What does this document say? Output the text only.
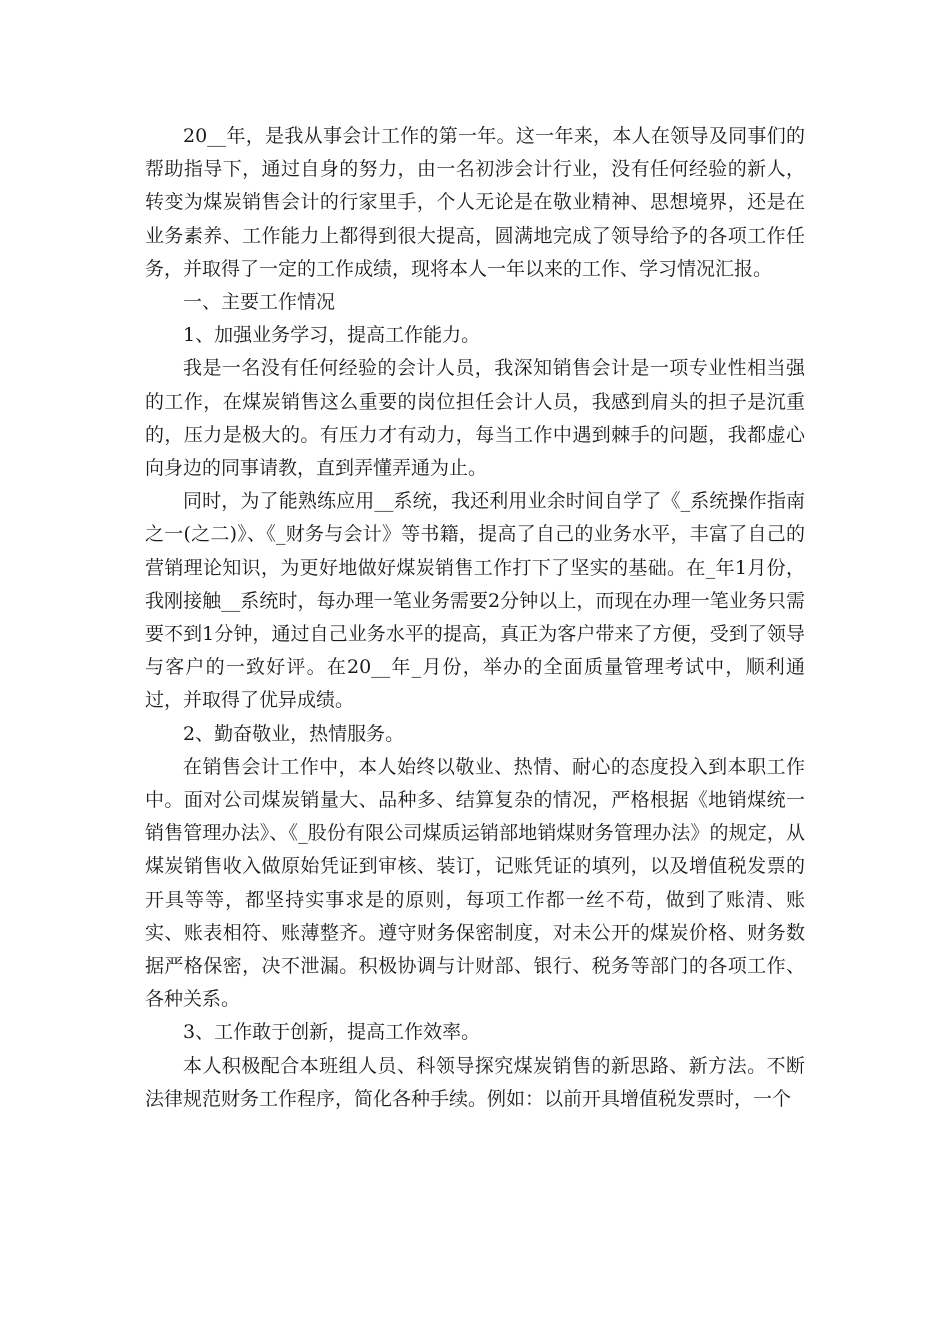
20__年，是我从事会计工作的第一年。这一年来，本人在领导及同事们的帮助指导下，通过自身的努力，由一名初涉会计行业，没有任何经验的新人，转变为煤炭销售会计的行家里手，个人无论是在敬业精神、思想境界，还是在业务素养、工作能力上都得到很大提高，圆满地完成了领导给予的各项工作任务，并取得了一定的工作成绩，现将本人一年以来的工作、学习情况汇报。

一、主要工作情况

1、加强业务学习，提高工作能力。

我是一名没有任何经验的会计人员，我深知销售会计是一项专业性相当强的工作，在煤炭销售这么重要的岗位担任会计人员，我感到肩头的担子是沉重的，压力是极大的。有压力才有动力，每当工作中遇到棘手的问题，我都虚心向身边的同事请教，直到弄懂弄通为止。

同时，为了能熟练应用__系统，我还利用业余时间自学了《_系统操作指南之一(之二)》、《_财务与会计》等书籍，提高了自己的业务水平，丰富了自己的营销理论知识，为更好地做好煤炭销售工作打下了坚实的基础。在_年1月份，我刚接触__系统时，每办理一笔业务需要2分钟以上，而现在办理一笔业务只需要不到1分钟，通过自己业务水平的提高，真正为客户带来了方便，受到了领导与客户的一致好评。在20__年_月份，举办的全面质量管理考试中，顺利通过，并取得了优异成绩。

2、勤奋敬业，热情服务。

在销售会计工作中，本人始终以敬业、热情、耐心的态度投入到本职工作中。面对公司煤炭销量大、品种多、结算复杂的情况，严格根据《地销煤统一销售管理办法》、《_股份有限公司煤质运销部地销煤财务管理办法》的规定，从煤炭销售收入做原始凭证到审核、装订，记账凭证的填列，以及增值税发票的开具等等，都坚持实事求是的原则，每项工作都一丝不苟，做到了账清、账实、账表相符、账薄整齐。遵守财务保密制度，对未公开的煤炭价格、财务数据严格保密，决不泄漏。积极协调与计财部、银行、税务等部门的各项工作、各种关系。

3、工作敢于创新，提高工作效率。

本人积极配合本班组人员、科领导探究煤炭销售的新思路、新方法。不断法律规范财务工作程序，简化各种手续。例如：以前开具增值税发票时，一个
